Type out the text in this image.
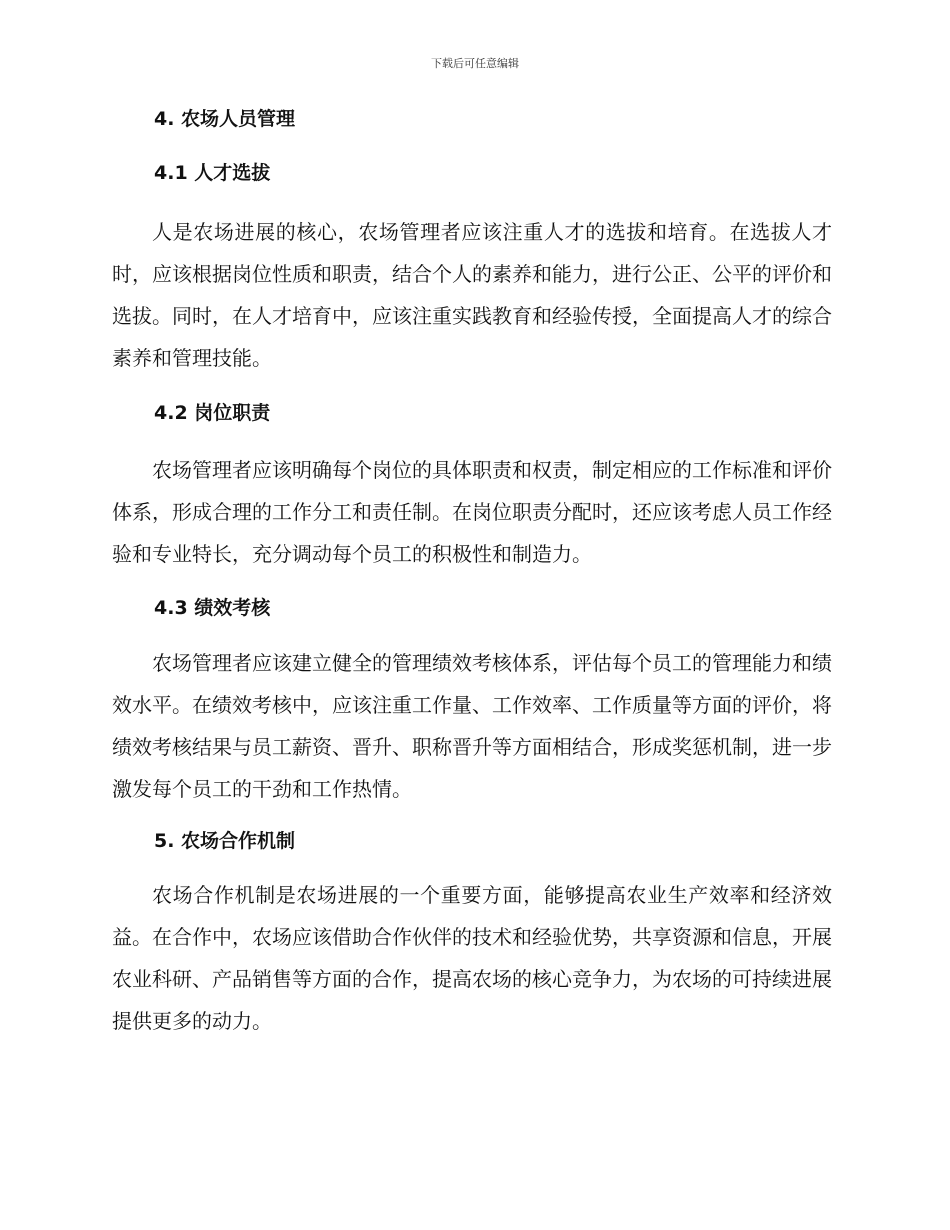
下载后可任意编辑
4. 农场人员管理
4.1 人才选拔

人是农场进展的核心，农场管理者应该注重人才的选拔和培育。在选拔人才时，应该根据岗位性质和职责，结合个人的素养和能力，进行公正、公平的评价和选拔。同时，在人才培育中，应该注重实践教育和经验传授，全面提高人才的综合素养和管理技能。

4.2 岗位职责

农场管理者应该明确每个岗位的具体职责和权责，制定相应的工作标准和评价体系，形成合理的工作分工和责任制。在岗位职责分配时，还应该考虑人员工作经验和专业特长，充分调动每个员工的积极性和制造力。

4.3 绩效考核

农场管理者应该建立健全的管理绩效考核体系，评估每个员工的管理能力和绩效水平。在绩效考核中，应该注重工作量、工作效率、工作质量等方面的评价，将绩效考核结果与员工薪资、晋升、职称晋升等方面相结合，形成奖惩机制，进一步激发每个员工的干劲和工作热情。

5. 农场合作机制

农场合作机制是农场进展的一个重要方面，能够提高农业生产效率和经济效益。在合作中，农场应该借助合作伙伴的技术和经验优势，共享资源和信息，开展农业科研、产品销售等方面的合作，提高农场的核心竞争力，为农场的可持续进展提供更多的动力。
